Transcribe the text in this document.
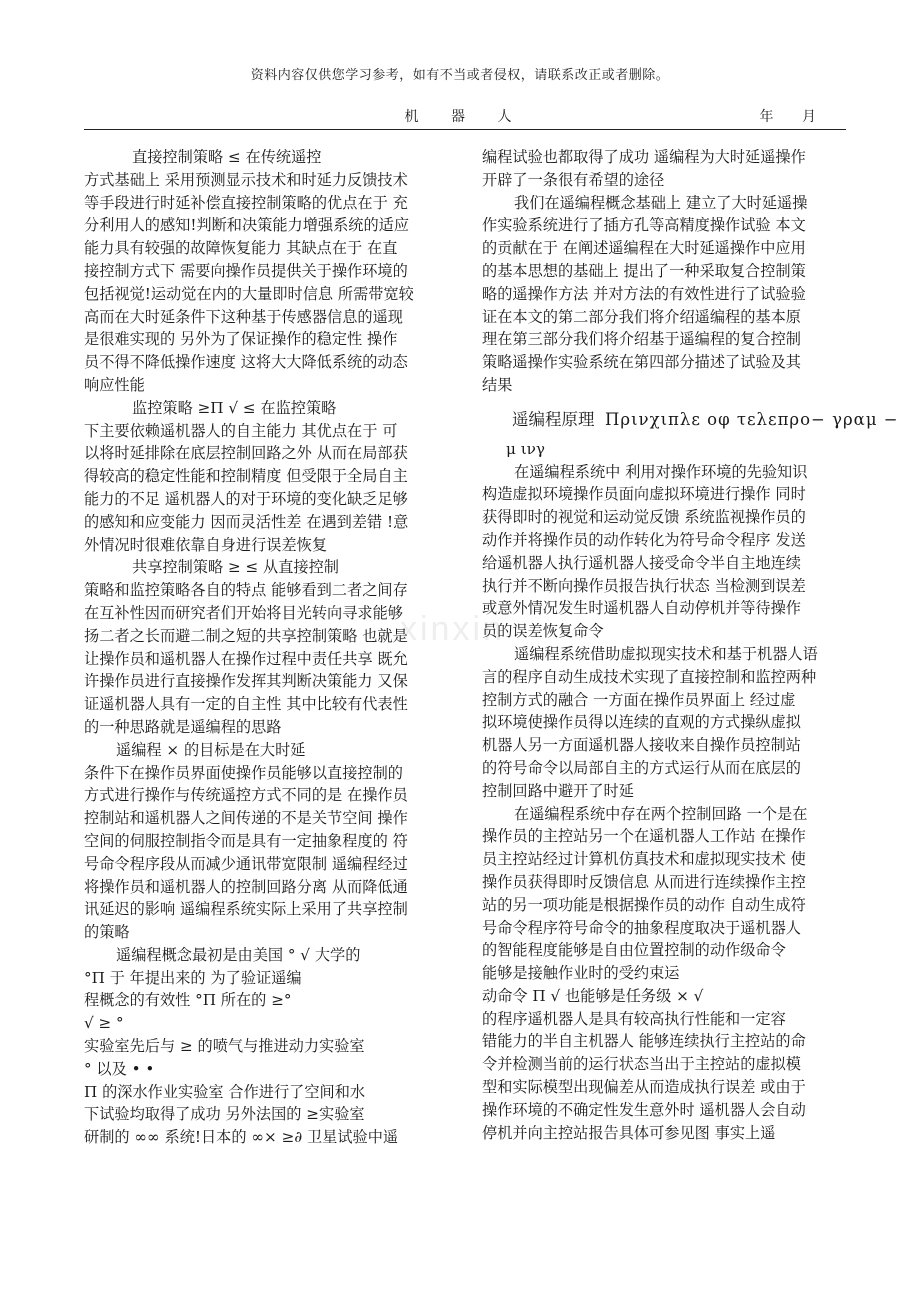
资料内容仅供您学习参考，如有不当或者侵权，请联系改正或者删除。
机 器 人	年 月
xinxin

直接控制策略 ≤ 在传统遥控

方式基础上 采用预测显示技术和时延力反馈技术

等手段进行时延补偿直接控制策略的优点在于 充

分利用人的感知!判断和决策能力增强系统的适应

能力具有较强的故障恢复能力 其缺点在于 在直

接控制方式下 需要向操作员提供关于操作环境的

包括视觉!运动觉在内的大量即时信息 所需带宽较

高而在大时延条件下这种基于传感器信息的遥现

是很难实现的 另外为了保证操作的稳定性 操作

员不得不降低操作速度 这将大大降低系统的动态

响应性能

监控策略 ≥Π √ ≤ 在监控策略

下主要依赖遥机器人的自主能力 其优点在于 可

以将时延排除在底层控制回路之外 从而在局部获

得较高的稳定性能和控制精度 但受限于全局自主

能力的不足 遥机器人的对于环境的变化缺乏足够

的感知和应变能力 因而灵活性差 在遇到差错 !意

外情况时很难依靠自身进行误差恢复

共享控制策略 ≥ ≤ 从直接控制

策略和监控策略各自的特点 能够看到二者之间存

在互补性因而研究者们开始将目光转向寻求能够

扬二者之长而避二制之短的共享控制策略 也就是

让操作员和遥机器人在操作过程中责任共享 既允

许操作员进行直接操作发挥其判断决策能力 又保

证遥机器人具有一定的自主性 其中比较有代表性

的一种思路就是遥编程的思路

遥编程 × 的目标是在大时延

条件下在操作员界面使操作员能够以直接控制的

方式进行操作与传统遥控方式不同的是 在操作员

控制站和遥机器人之间传递的不是关节空间 操作

空间的伺服控制指令而是具有一定抽象程度的 符

号命令程序段从而减少通讯带宽限制 遥编程经过

将操作员和遥机器人的控制回路分离 从而降低通

讯延迟的影响 遥编程系统实际上采用了共享控制

的策略

遥编程概念最初是由美国 ° √ 大学的

°Π 于 年提出来的 为了验证遥编

程概念的有效性 °Π 所在的 ≥°

√ ≥ °

实验室先后与 ≥ 的喷气与推进动力实验室

° 以及 • •

Π 的深水作业实验室 合作进行了空间和水

下试验均取得了成功 另外法国的 ≥实验室

研制的 ∞∞ 系统!日本的 ∞× ≥∂ 卫星试验中遥

编程试验也都取得了成功 遥编程为大时延遥操作

开辟了一条很有希望的途径

我们在遥编程概念基础上 建立了大时延遥操

作实验系统进行了插方孔等高精度操作试验 本文

的贡献在于 在阐述遥编程在大时延遥操作中应用

的基本思想的基础上 提出了一种采取复合控制策

略的遥操作方法 并对方法的有效性进行了试验验

证在本文的第二部分我们将介绍遥编程的基本原

理在第三部分我们将介绍基于遥编程的复合控制

策略遥操作实验系统在第四部分描述了试验及其

结果

遥编程原理 Πρινχιπλε οφ τελεπρο− γραμ −

μ ινγ

在遥编程系统中 利用对操作环境的先验知识

构造虚拟环境操作员面向虚拟环境进行操作 同时

获得即时的视觉和运动觉反馈 系统监视操作员的

动作并将操作员的动作转化为符号命令程序 发送

给遥机器人执行遥机器人接受命令半自主地连续

执行并不断向操作员报告执行状态 当检测到误差

或意外情况发生时遥机器人自动停机并等待操作

员的误差恢复命令

遥编程系统借助虚拟现实技术和基于机器人语

言的程序自动生成技术实现了直接控制和监控两种

控制方式的融合 一方面在操作员界面上 经过虚

拟环境使操作员得以连续的直观的方式操纵虚拟

机器人另一方面遥机器人接收来自操作员控制站

的符号命令以局部自主的方式运行从而在底层的

控制回路中避开了时延

在遥编程系统中存在两个控制回路 一个是在

操作员的主控站另一个在遥机器人工作站 在操作

员主控站经过计算机仿真技术和虚拟现实技术 使

操作员获得即时反馈信息 从而进行连续操作主控

站的另一项功能是根据操作员的动作 自动生成符

号命令程序符号命令的抽象程度取决于遥机器人

的智能程度能够是自由位置控制的动作级命令

能够是接触作业时的受约束运

动命令 Π √ 也能够是任务级 × √

的程序遥机器人是具有较高执行性能和一定容

错能力的半自主机器人 能够连续执行主控站的命

令并检测当前的运行状态当出于主控站的虚拟模

型和实际模型出现偏差从而造成执行误差 或由于

操作环境的不确定性发生意外时 遥机器人会自动

停机并向主控站报告具体可参见图 事实上遥
